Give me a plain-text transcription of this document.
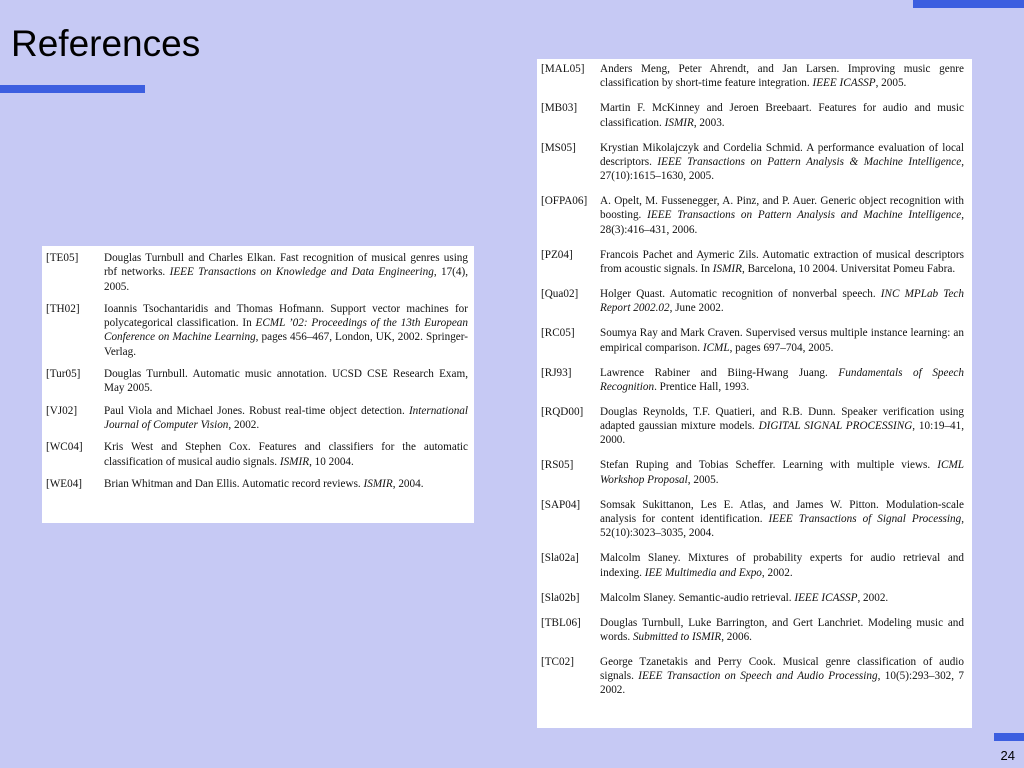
References
[TE05]	Douglas Turnbull and Charles Elkan. Fast recognition of musical genres using rbf networks. IEEE Transactions on Knowledge and Data Engineering, 17(4), 2005.
[TH02]	Ioannis Tsochantaridis and Thomas Hofmann. Support vector machines for polycategorical classification. In ECML ’02: Proceedings of the 13th European Conference on Machine Learning, pages 456–467, London, UK, 2002. Springer-Verlag.
[Tur05]	Douglas Turnbull. Automatic music annotation. UCSD CSE Research Exam, May 2005.
[VJ02]	Paul Viola and Michael Jones. Robust real-time object detection. International Journal of Computer Vision, 2002.
[WC04]	Kris West and Stephen Cox. Features and classifiers for the automatic classification of musical audio signals. ISMIR, 10 2004.
[WE04]	Brian Whitman and Dan Ellis. Automatic record reviews. ISMIR, 2004.
[MAL05]	Anders Meng, Peter Ahrendt, and Jan Larsen. Improving music genre classification by short-time feature integration. IEEE ICASSP, 2005.
[MB03]	Martin F. McKinney and Jeroen Breebaart. Features for audio and music classification. ISMIR, 2003.
[MS05]	Krystian Mikolajczyk and Cordelia Schmid. A performance evaluation of local descriptors. IEEE Transactions on Pattern Analysis & Machine Intelligence, 27(10):1615–1630, 2005.
[OFPA06]	A. Opelt, M. Fussenegger, A. Pinz, and P. Auer. Generic object recognition with boosting. IEEE Transactions on Pattern Analysis and Machine Intelligence, 28(3):416–431, 2006.
[PZ04]	Francois Pachet and Aymeric Zils. Automatic extraction of musical descriptors from acoustic signals. In ISMIR, Barcelona, 10 2004. Universitat Pomeu Fabra.
[Qua02]	Holger Quast. Automatic recognition of nonverbal speech. INC MPLab Tech Report 2002.02, June 2002.
[RC05]	Soumya Ray and Mark Craven. Supervised versus multiple instance learning: an empirical comparison. ICML, pages 697–704, 2005.
[RJ93]	Lawrence Rabiner and Biing-Hwang Juang. Fundamentals of Speech Recognition. Prentice Hall, 1993.
[RQD00]	Douglas Reynolds, T.F. Quatieri, and R.B. Dunn. Speaker verification using adapted gaussian mixture models. DIGITAL SIGNAL PROCESSING, 10:19–41, 2000.
[RS05]	Stefan Ruping and Tobias Scheffer. Learning with multiple views. ICML Workshop Proposal, 2005.
[SAP04]	Somsak Sukittanon, Les E. Atlas, and James W. Pitton. Modulation-scale analysis for content identification. IEEE Transactions of Signal Processing, 52(10):3023–3035, 2004.
[Sla02a]	Malcolm Slaney. Mixtures of probability experts for audio retrieval and indexing. IEE Multimedia and Expo, 2002.
[Sla02b]	Malcolm Slaney. Semantic-audio retrieval. IEEE ICASSP, 2002.
[TBL06]	Douglas Turnbull, Luke Barrington, and Gert Lanchriet. Modeling music and words. Submitted to ISMIR, 2006.
[TC02]	George Tzanetakis and Perry Cook. Musical genre classification of audio signals. IEEE Transaction on Speech and Audio Processing, 10(5):293–302, 7 2002.
24
